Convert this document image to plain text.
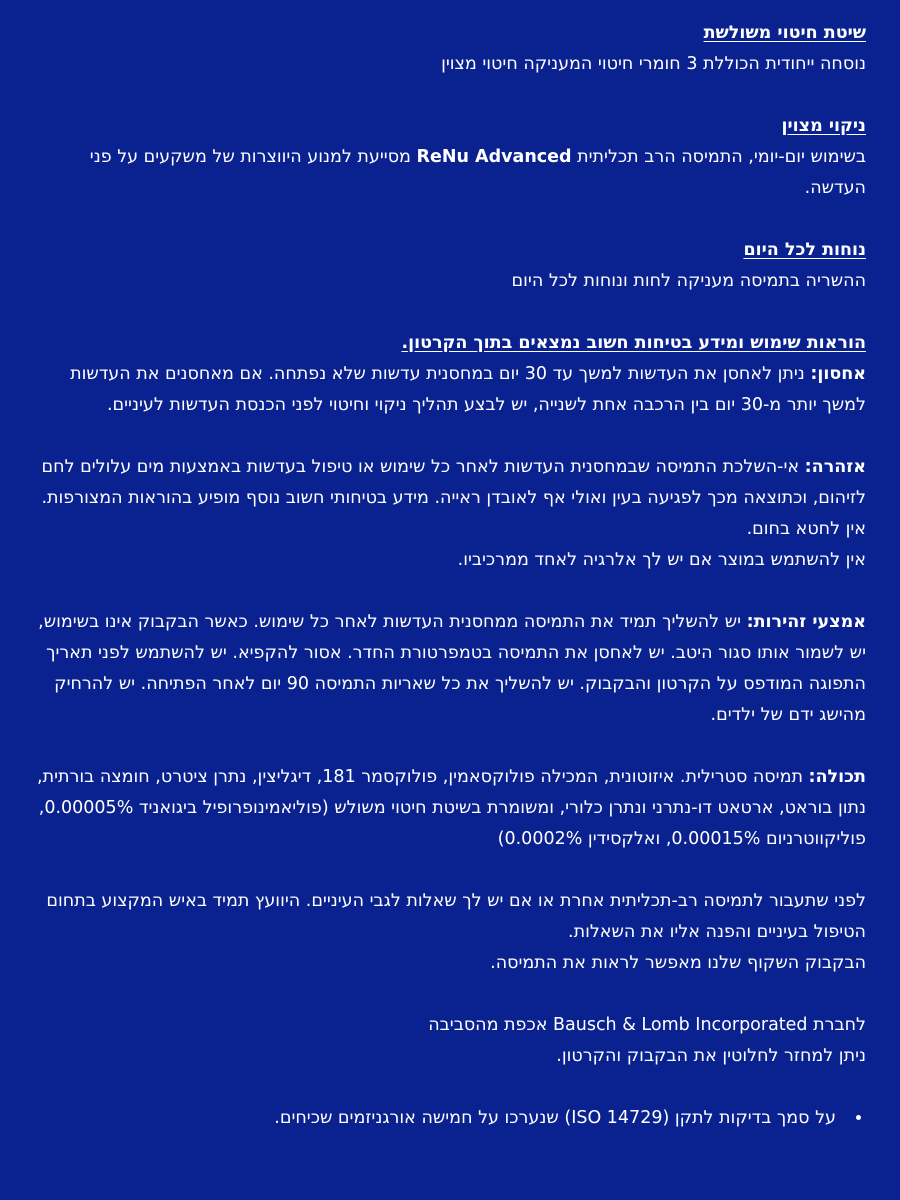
שיטת חיטוי משולשת

נוסחה ייחודית הכוללת 3 חומרי חיטוי המעניקה חיטוי מצוין

ניקוי מצוין

בשימוש יום-יומי, התמיסה הרב תכליתית ReNu Advanced מסייעת למנוע היווצרות של משקעים על פני העדשה.

נוחות לכל היום

ההשריה בתמיסה מעניקה לחות ונוחות לכל היום

הוראות שימוש ומידע בטיחות חשוב נמצאים בתוך הקרטון.

אחסון: ניתן לאחסן את העדשות למשך עד 30 יום במחסנית עדשות שלא נפתחה. אם מאחסנים את העדשות למשך יותר מ-30 יום בין הרכבה אחת לשנייה, יש לבצע תהליך ניקוי וחיטוי לפני הכנסת העדשות לעיניים.

אזהרה: אי-השלכת התמיסה שבמחסנית העדשות לאחר כל שימוש או טיפול בעדשות באמצעות מים עלולים לחם לזיהום, וכתוצאה מכך לפגיעה בעין ואולי אף לאובדן ראייה. מידע בטיחותי חשוב נוסף מופיע בהוראות המצורפות.

אין לחטא בחום.

אין להשתמש במוצר אם יש לך אלרגיה לאחד ממרכיביו.

אמצעי זהירות: יש להשליך תמיד את התמיסה ממחסנית העדשות לאחר כל שימוש. כאשר הבקבוק אינו בשימוש, יש לשמור אותו סגור היטב. יש לאחסן את התמיסה בטמפרטורת החדר. אסור להקפיא. יש להשתמש לפני תאריך התפוגה המודפס על הקרטון והבקבוק. יש להשליך את כל שאריות התמיסה 90 יום לאחר הפתיחה. יש להרחיק מהישג ידם של ילדים.

תכולה: תמיסה סטרילית. איזוטונית, המכילה פולוקסאמין, פולוקסמר 181, דיגליצין, נתרן ציטרט, חומצה בורתית, נתון בוראט, ארטאט דו-נתרני ונתרן כלורי, ומשומרת בשיטת חיטוי משולש (פוליאמינופרופיל ביגואניד 0.00005%, פוליקווטרניום 0.00015%, ואלקסידין 0.0002%)

לפני שתעבור לתמיסה רב-תכליתית אחרת או אם יש לך שאלות לגבי העיניים. היוועץ תמיד באיש המקצוע בתחום הטיפול בעיניים והפנה אליו את השאלות.

הבקבוק השקוף שלנו מאפשר לראות את התמיסה.

לחברת Bausch & Lomb Incorporated אכפת מהסביבה

ניתן למחזר לחלוטין את הבקבוק והקרטון.

• על סמך בדיקות לתקן (ISO 14729) שנערכו על חמישה אורגניזמים שכיחים.
